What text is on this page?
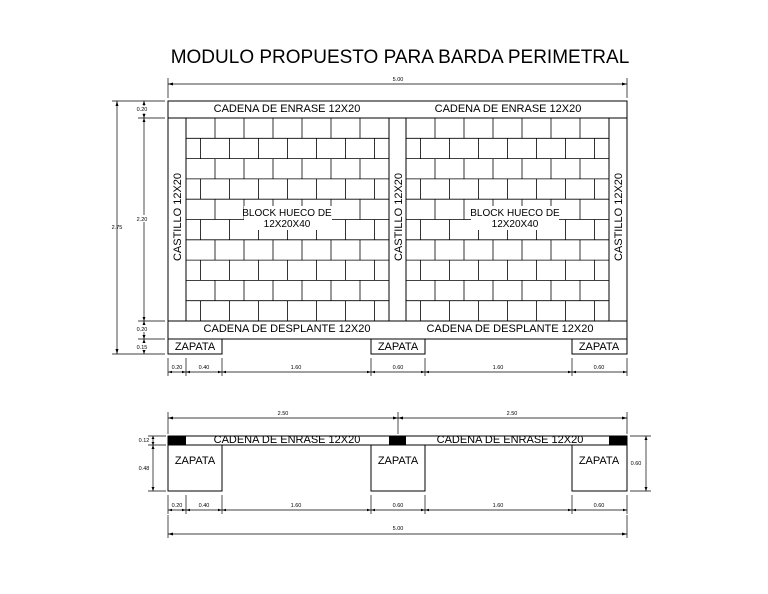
MODULO PROPUESTO PARA BARDA PERIMETRAL
CADENA DE ENRASE 12X20	CADENA DE ENRASE 12X20
CASTILLO 12X20	CASTILLO 12X20	CASTILLO 12X20
BLOCK HUECO DE
12X20X40
BLOCK HUECO DE
12X20X40
CADENA DE DESPLANTE 12X20	CADENA DE DESPLANTE 12X20
ZAPATA	ZAPATA	ZAPATA
5.00
2.75
0.20
2.20
0.20
0.15
0.20	0.40	1.60	0.60	1.60	0.60
2.50	2.50
CADENA DE ENRASE 12X20	CADENA DE ENRASE 12X20
ZAPATA	ZAPATA	ZAPATA
0.12
0.48
0.60
0.20	0.40	1.60	0.60	1.60	0.60
5.00
